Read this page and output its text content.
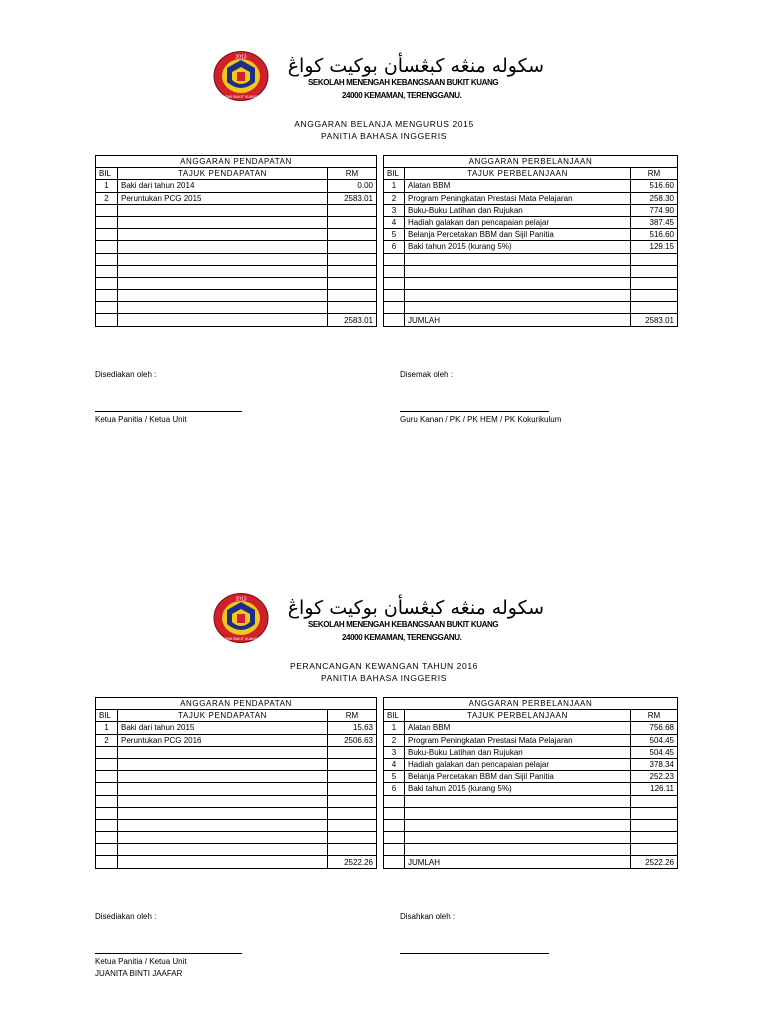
2013
SMK BUKIT KUANG
سکوله منڠه کبڠسأن بوکيت کواڠ
SEKOLAH MENENGAH KEBANGSAAN BUKIT KUANG
24000 KEMAMAN, TERENGGANU.
ANGGARAN BELANJA MENGURUS 2015
PANITIA BAHASA INGGERIS
ANGGARAN PENDAPATAN				ANGGARAN PERBELANJAAN		
BIL	TAJUK PENDAPATAN	RM		BIL	TAJUK PERBELANJAAN	RM
1	Baki dari tahun 2014	0.00		1	Alatan BBM	516.60
2	Peruntukan PCG 2015	2583.01		2	Program Peningkatan Prestasi Mata Pelajaran	258.30
				3	Buku-Buku Latihan dan Rujukan	774.90
				4	Hadiah galakan dan pencapaian pelajar	387.45
				5	Belanja Percetakan BBM dan Sijil Panitia	516.60
				6	Baki tahun 2015 (kurang 5%)	129.15

		2583.01			JUMLAH	2583.01
Disediakan oleh :	Disemak oleh :
Ketua Panitia / Ketua Unit	Guru Kanan / PK / PK HEM / PK Kokurikulum
2013
SMK BUKIT KUANG
سکوله منڠه کبڠسأن بوکيت کواڠ
SEKOLAH MENENGAH KEBANGSAAN BUKIT KUANG
24000 KEMAMAN, TERENGGANU.
PERANCANGAN KEWANGAN TAHUN 2016
PANITIA BAHASA INGGERIS
ANGGARAN PENDAPATAN				ANGGARAN PERBELANJAAN		
BIL	TAJUK PENDAPATAN	RM		BIL	TAJUK PERBELANJAAN	RM
1	Baki dari tahun 2015	15.63		1	Alatan BBM	756.68
2	Peruntukan PCG 2016	2506.63		2	Program Peningkatan Prestasi Mata Pelajaran	504.45
				3	Buku-Buku Latihan dan Rujukan	504.45
				4	Hadiah galakan dan pencapaian pelajar	378.34
				5	Belanja Percetakan BBM dan Sijil Panitia	252.23
				6	Baki tahun 2015 (kurang 5%)	126.11

		2522.26			JUMLAH	2522.26
Disediakan oleh :	Disahkan oleh :
Ketua Panitia / Ketua Unit
JUANITA BINTI JAAFAR
